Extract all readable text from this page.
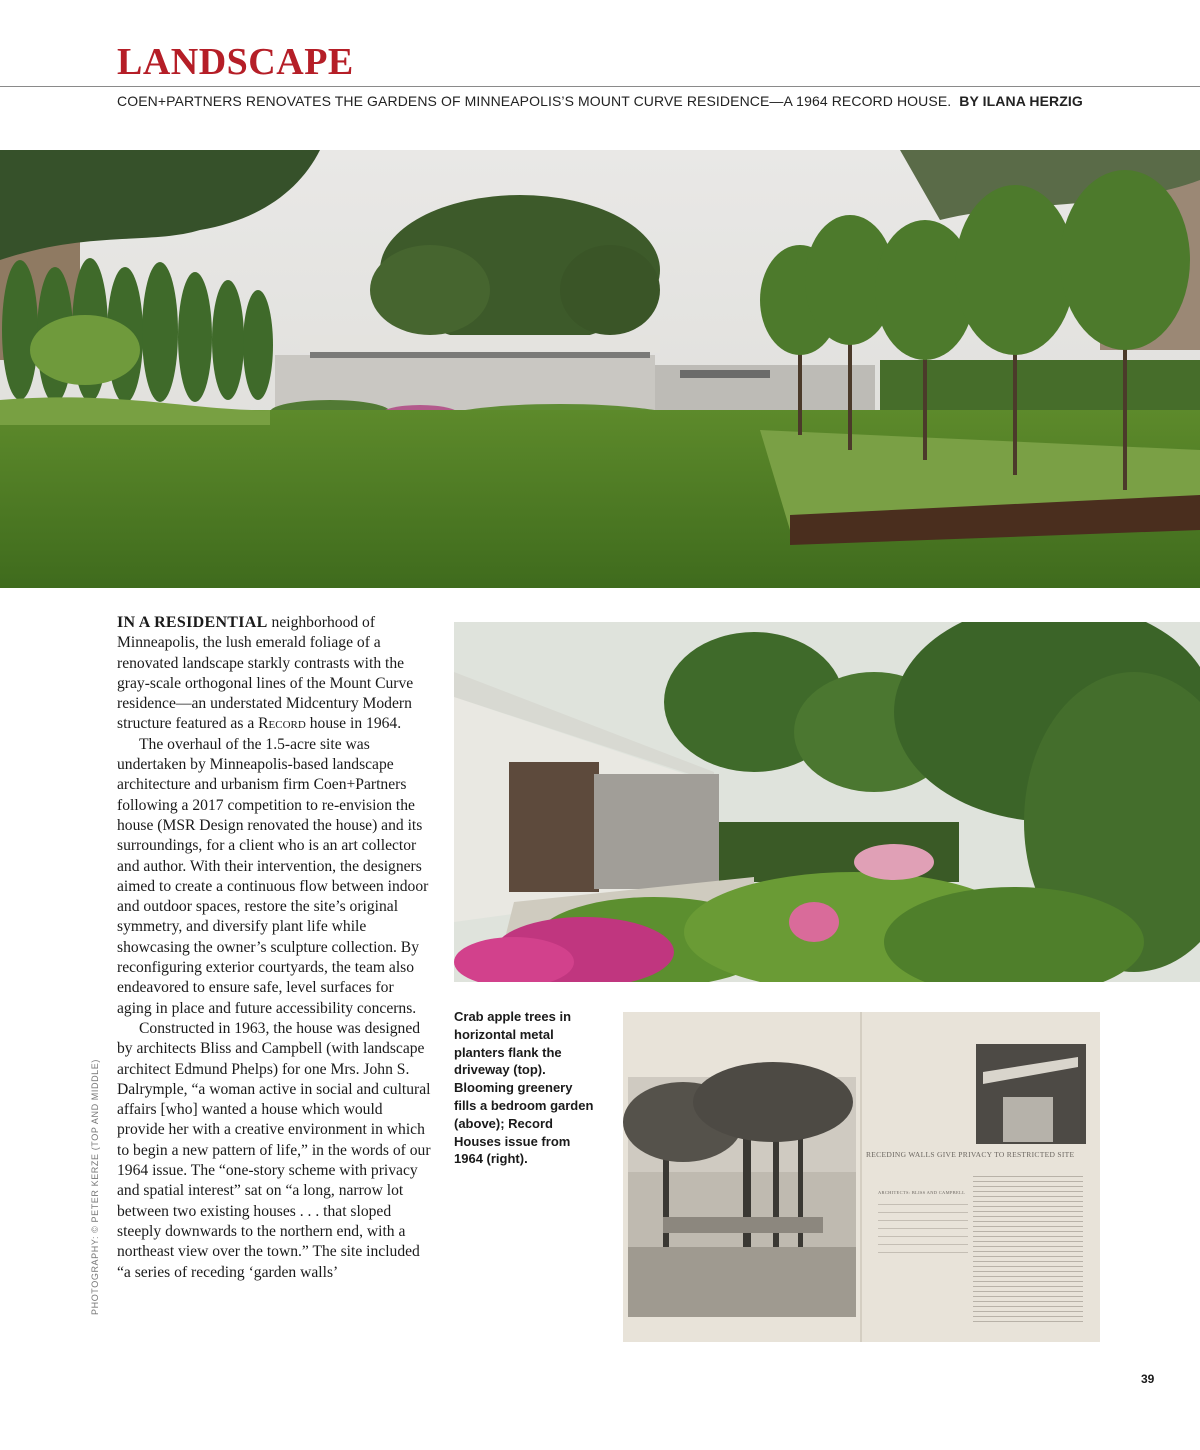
LANDSCAPE
COEN+PARTNERS RENOVATES THE GARDENS OF MINNEAPOLIS’S MOUNT CURVE RESIDENCE—A 1964 RECORD HOUSE. BY ILANA HERZIG

IN A RESIDENTIAL neighborhood of Minneapolis, the lush emerald foliage of a renovated landscape starkly contrasts with the gray-scale orthogonal lines of the Mount Curve residence—an understated Midcentury Modern structure featured as a Record house in 1964.

The overhaul of the 1.5-acre site was undertaken by Minneapolis-based landscape architecture and urbanism firm Coen+Partners following a 2017 competition to re-envision the house (MSR Design renovated the house) and its surroundings, for a client who is an art collector and author. With their intervention, the designers aimed to create a continuous flow between indoor and outdoor spaces, restore the site’s original symmetry, and diversify plant life while showcasing the owner’s sculpture collection. By reconfiguring exterior courtyards, the team also endeavored to ensure safe, level surfaces for aging in place and future accessibility concerns.

Constructed in 1963, the house was designed by architects Bliss and Campbell (with landscape architect Edmund Phelps) for one Mrs. John S. Dalrymple, “a woman active in social and cultural affairs [who] wanted a house which would provide her with a creative environment in which to begin a new pattern of life,” in the words of our 1964 issue. The “one-story scheme with privacy and spatial interest” sat on “a long, narrow lot between two existing houses . . . that sloped steeply downwards to the northern end, with a northeast view over the town.” The site included “a series of receding ‘garden walls’

Crab apple trees in horizontal metal planters flank the driveway (top). Blooming greenery fills a bedroom garden (above); Record Houses issue from 1964 (right).	RECEDING WALLS GIVE PRIVACY TO RESTRICTED SITE
ARCHITECTS: BLISS AND CAMPBELL
PHOTOGRAPHY: © PETER KERZE (TOP AND MIDDLE)
39
